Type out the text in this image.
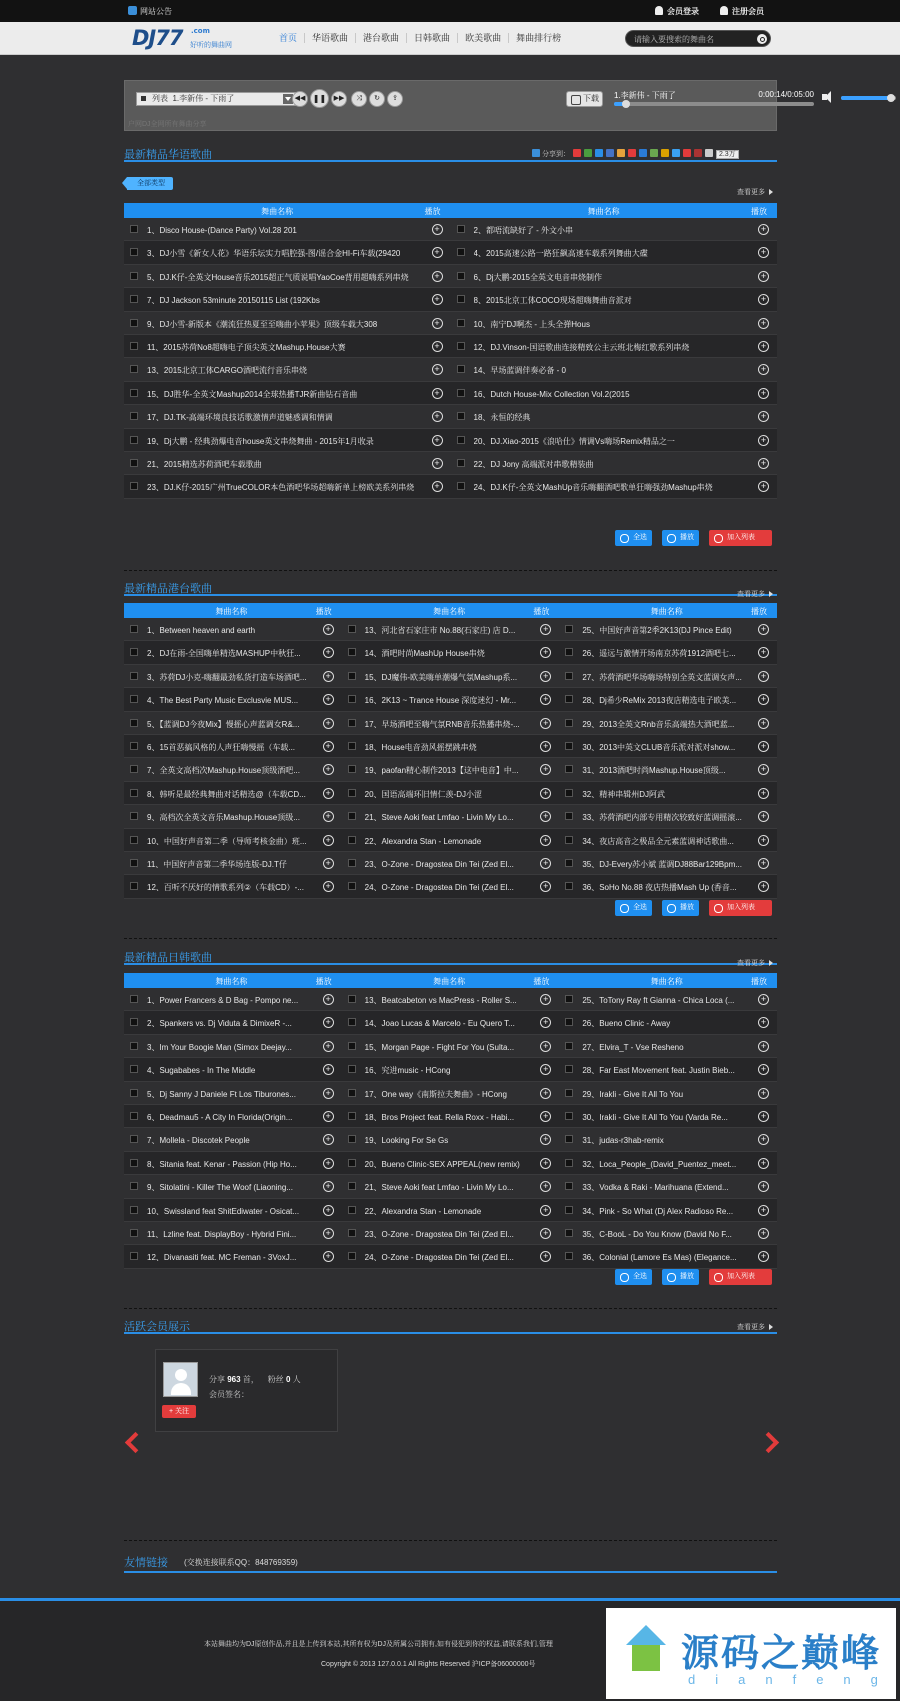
网站公告	会员登录	注册会员
DJ77 .com
好听的舞曲网
首页	华语歌曲	港台歌曲	日韩歌曲	欧美歌曲	舞曲排行榜
请输入要搜索的舞曲名
列表 1.李新伟 - 下雨了	◀◀ ❚❚	▶▶	⤨	↻	⇪	下载	1.李新伟 - 下雨了	0:00:14/0:05:00
户网DJ全网所有舞曲分享
最新精品华语歌曲	分享到：	2.3万
全部类型
查看更多
舞曲名称	播放	舞曲名称	播放
1、Disco House-(Dance Party) Vol.28 201	+	2、都唔流缺好了 - 外文小串	+
3、DJ小雪《新女人花》华语乐坛实力唱腔强-图/谣合金HI-Fi车载(29420	+	4、2015高速公路一路狂飙高速车载系列舞曲大碟	+
5、DJ.K仔-全英文House音乐2015超正气质说唱YaoCoe背用超嗨系列串烧	+	6、Dj大鹏-2015全英文电音串烧制作	+
7、DJ Jackson 53minute 20150115 List (192Kbs	+	8、2015北京工体COCO现场超嗨舞曲音派对	+
9、DJ小雪-新版本《潮流狂热夏至至嗨曲小苹果》顶级车载大308	+	10、南宁DJ啊杰 - 上头全弹Hous	+
11、2015苏荷No8超嗨电子顶尖英文Mashup.House大赛	+	12、DJ.Vinson-国语歌曲连接精致公主云班北梅红歌系列串烧	+
13、2015北京工体CARGO酒吧流行音乐串烧	+	14、早场蓝调伴奏必备 - 0	+
15、DJ胜华-全英文Mashup2014全球热播TJR新曲钻石音曲	+	16、Dutch House-Mix Collection Vol.2(2015	+
17、DJ.TK-高端环境良技话歌激情声道魅惑调和情调	+	18、永恒的经典	+
19、Dj大鹏 - 经典劲爆电音house英文串烧舞曲 - 2015年1月收录	+	20、DJ.Xiao-2015《浪哈仕》情调Vs嗨场Remix精品之一	+
21、2015精选苏荷酒吧车载歌曲	+	22、DJ Jony 高端派对串歌精装曲	+
23、DJ.K仔-2015广州TrueCOLOR本色酒吧华场超嗨新单上榜欧美系列串烧	+	24、DJ.K仔-全英文MashUp音乐嗨翻酒吧歌单狂嗨强劲Mashup串烧	+
全选	播放	加入列表
最新精品港台歌曲	查看更多
舞曲名称	播放	舞曲名称	播放	舞曲名称	播放
1、Between heaven and earth	+	13、河北省石家庄市 No.88(石家庄) 店 D...	+	25、中国好声音第2季2K13(DJ Pince Edit)	+
2、DJ在雨-全国嗨单精选MASHUP中秋狂...	+	14、酒吧时尚MashUp House串烧	+	26、遥远与激情开场南京苏荷1912酒吧七...	+
3、苏荷DJ小克-嗨翻最劲私货打造车场酒吧...	+	15、DJ魔伟-欧美嗨单潮爆气氛Mashup系...	+	27、苏荷酒吧华场嗨场特别全英文蓝调女声...	+
4、The Best Party Music Exclusvie MUS...	+	16、2K13 ~ Trance House 深度迷幻 - Mr...	+	28、Dj希少ReMix 2013夜店精选电子欧美...	+
5、【蓝调DJ今夜Mix】慢摇心声蓝调女R&...	+	17、早场酒吧至嗨气氛RNB音乐热播串烧-...	+	29、2013全英文Rnb音乐高端热大酒吧蓝...	+
6、15首恶搞风格的人声狂嗨慢摇（车载...	+	18、House电音劲风摇摆跳串烧	+	30、2013中英文CLUB音乐派对派对show...	+
7、全英文高档次Mashup.House顶级酒吧...	+	19、paofan精心制作2013【这中电音】中...	+	31、2013酒吧时尚Mashup.House顶级...	+
8、韩听是最经典舞曲对话精选@（车载CD...	+	20、国语高端环旧情仁羡-DJ小涩	+	32、精神串辑州DJ阿武	+
9、高档次全英文音乐Mashup.House顶级...	+	21、Steve Aoki feat Lmfao - Livin My Lo...	+	33、苏荷酒吧内部专用精次较致好蓝调摇滚...	+
10、中国好声音第二季（导师考核金曲）班...	+	22、Alexandra Stan - Lemonade	+	34、夜店高音之极品全元素蓝调神话歌曲...	+
11、中国好声音第二季华场连版-DJ.T仔	+	23、O-Zone - Dragostea Din Tei (Zed El...	+	35、DJ-Every苏小斌 蓝调DJ88Bar129Bpm...	+
12、百听不厌好的情歌系列②（车载CD）-...	+	24、O-Zone - Dragostea Din Tei (Zed El...	+	36、SoHo No.88 夜店热播Mash Up (香音...	+
全选	播放	加入列表
最新精品日韩歌曲	查看更多
舞曲名称	播放	舞曲名称	播放	舞曲名称	播放
1、Power Francers & D Bag - Pompo ne...	+	13、Beatcabeton vs MacPress - Roller S...	+	25、ToTony Ray ft Gianna - Chica Loca (...	+
2、Spankers vs. Dj Viduta & DimixeR -...	+	14、Joao Lucas & Marcelo - Eu Quero T...	+	26、Bueno Clinic - Away	+
3、Im Your Boogie Man (Simox Deejay...	+	15、Morgan Page - Fight For You (Sulta...	+	27、Elvira_T - Vse Resheno	+
4、Sugababes - In The Middle	+	16、究进music - HCong	+	28、Far East Movement feat. Justin Bieb...	+
5、Dj Sanny J Daniele Ft Los Tiburones...	+	17、One way《南斯拉夫舞曲》- HCong	+	29、Irakli - Give It All To You	+
6、Deadmau5 - A City In Florida(Origin...	+	18、Bros Project feat. Rella Roxx - Habi...	+	30、Irakli - Give It All To You (Varda Re...	+
7、Mollela - Discotek People	+	19、Looking For Se Gs	+	31、judas-r3hab-remix	+
8、Sitania feat. Kenar - Passion (Hip Ho...	+	20、Bueno Clinic-SEX APPEAL(new remix)	+	32、Loca_People_(David_Puentez_meet...	+
9、Sitolatini - Killer The Woof (Liaoning...	+	21、Steve Aoki feat Lmfao - Livin My Lo...	+	33、Vodka & Raki - Marihuana (Extend...	+
10、Swissland feat ShitEdiwater - Osicat...	+	22、Alexandra Stan - Lemonade	+	34、Pink - So What (Dj Alex Radioso Re...	+
11、Lzline feat. DisplayBoy - Hybrid Fini...	+	23、O-Zone - Dragostea Din Tei (Zed El...	+	35、C-BooL - Do You Know (David No F...	+
12、Divanasiti feat. MC Freman - 3VoxJ...	+	24、O-Zone - Dragostea Din Tei (Zed El...	+	36、Colonial (Lamore Es Mas) (Elegance...	+
全选	播放	加入列表
活跃会员展示	查看更多
分享 963 首， 粉丝 0 人
会员签名：
+ 关注
友情链接 (交换连接联系QQ：848769359)
本站舞曲均为DJ原创作品,并且是上传到本站,其所有权为DJ及所属公司拥有,如有侵犯到你的权益,请联系我们,管理
Copyright © 2013 127.0.0.1 All Rights Reserved 沪ICP备06000000号	源码之巅峰
dianfeng
